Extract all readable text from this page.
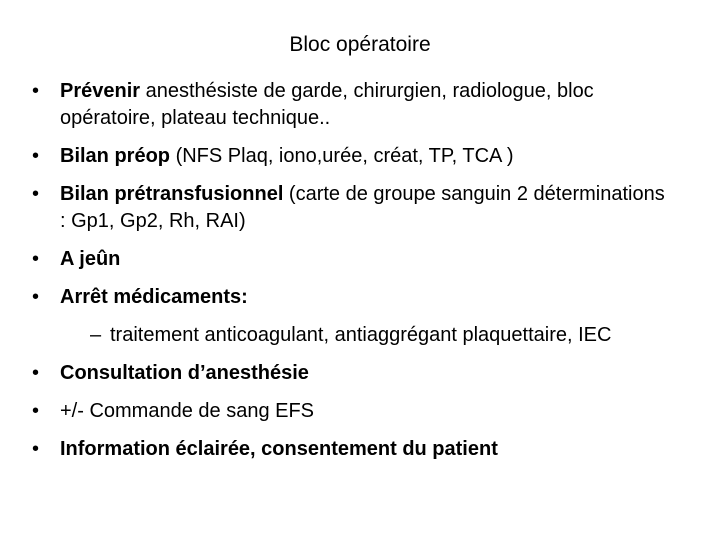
Bloc opératoire
• Prévenir anesthésiste de garde, chirurgien, radiologue, bloc opératoire, plateau technique..
• Bilan préop (NFS Plaq, iono,urée, créat, TP, TCA )
• Bilan prétransfusionnel (carte de groupe sanguin 2 déterminations : Gp1, Gp2, Rh, RAI)
• A jeûn
• Arrêt médicaments:
– traitement anticoagulant, antiaggrégant plaquettaire, IEC
• Consultation d’anesthésie
• +/- Commande de sang EFS
• Information éclairée, consentement du patient
